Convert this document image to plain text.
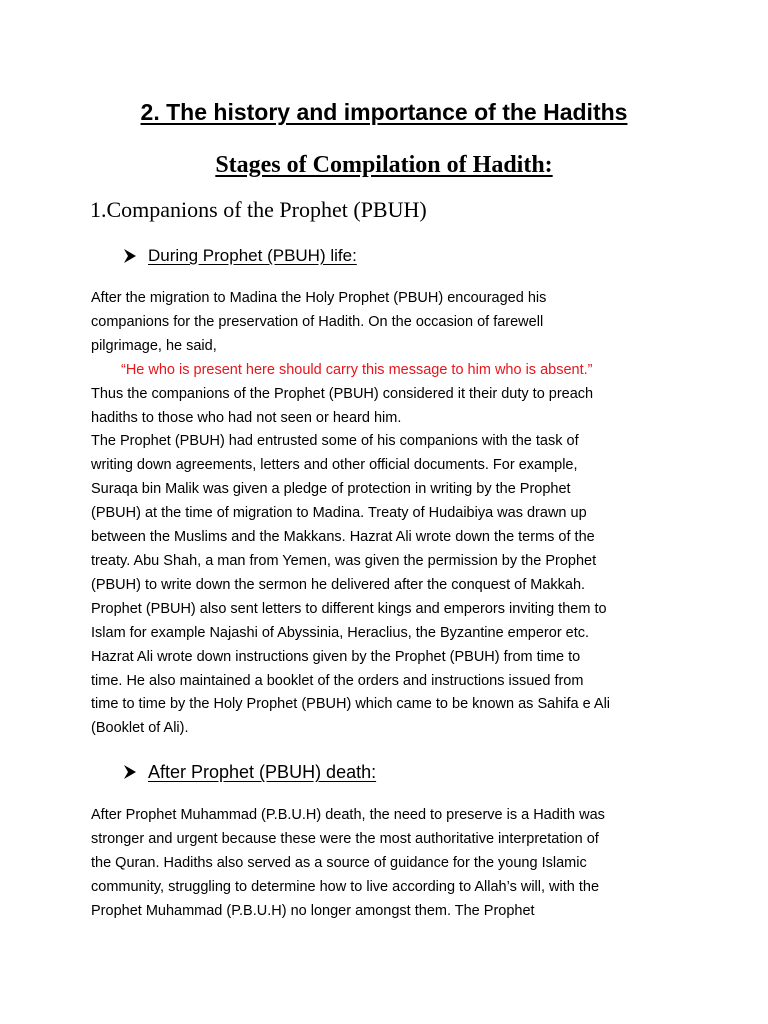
2. The history and importance of the Hadiths
Stages of Compilation of Hadith:
1.Companions of the Prophet (PBUH)
During Prophet (PBUH) life:
After the migration to Madina the Holy Prophet (PBUH) encouraged his
companions for the preservation of Hadith. On the occasion of farewell
pilgrimage, he said,
“He who is present here should carry this message to him who is absent.”
Thus the companions of the Prophet (PBUH) considered it their duty to preach
hadiths to those who had not seen or heard him.
The Prophet (PBUH) had entrusted some of his companions with the task of
writing down agreements, letters and other official documents. For example,
Suraqa bin Malik was given a pledge of protection in writing by the Prophet
(PBUH) at the time of migration to Madina. Treaty of Hudaibiya was drawn up
between the Muslims and the Makkans. Hazrat Ali wrote down the terms of the
treaty. Abu Shah, a man from Yemen, was given the permission by the Prophet
(PBUH) to write down the sermon he delivered after the conquest of Makkah.
Prophet (PBUH) also sent letters to different kings and emperors inviting them to
Islam for example Najashi of Abyssinia, Heraclius, the Byzantine emperor etc.
Hazrat Ali wrote down instructions given by the Prophet (PBUH) from time to
time. He also maintained a booklet of the orders and instructions issued from
time to time by the Holy Prophet (PBUH) which came to be known as Sahifa e Ali
(Booklet of Ali).
After Prophet (PBUH) death:
After Prophet Muhammad (P.B.U.H) death, the need to preserve is a Hadith was
stronger and urgent because these were the most authoritative interpretation of
the Quran. Hadiths also served as a source of guidance for the young Islamic
community, struggling to determine how to live according to Allah’s will, with the
Prophet Muhammad (P.B.U.H) no longer amongst them. The Prophet
